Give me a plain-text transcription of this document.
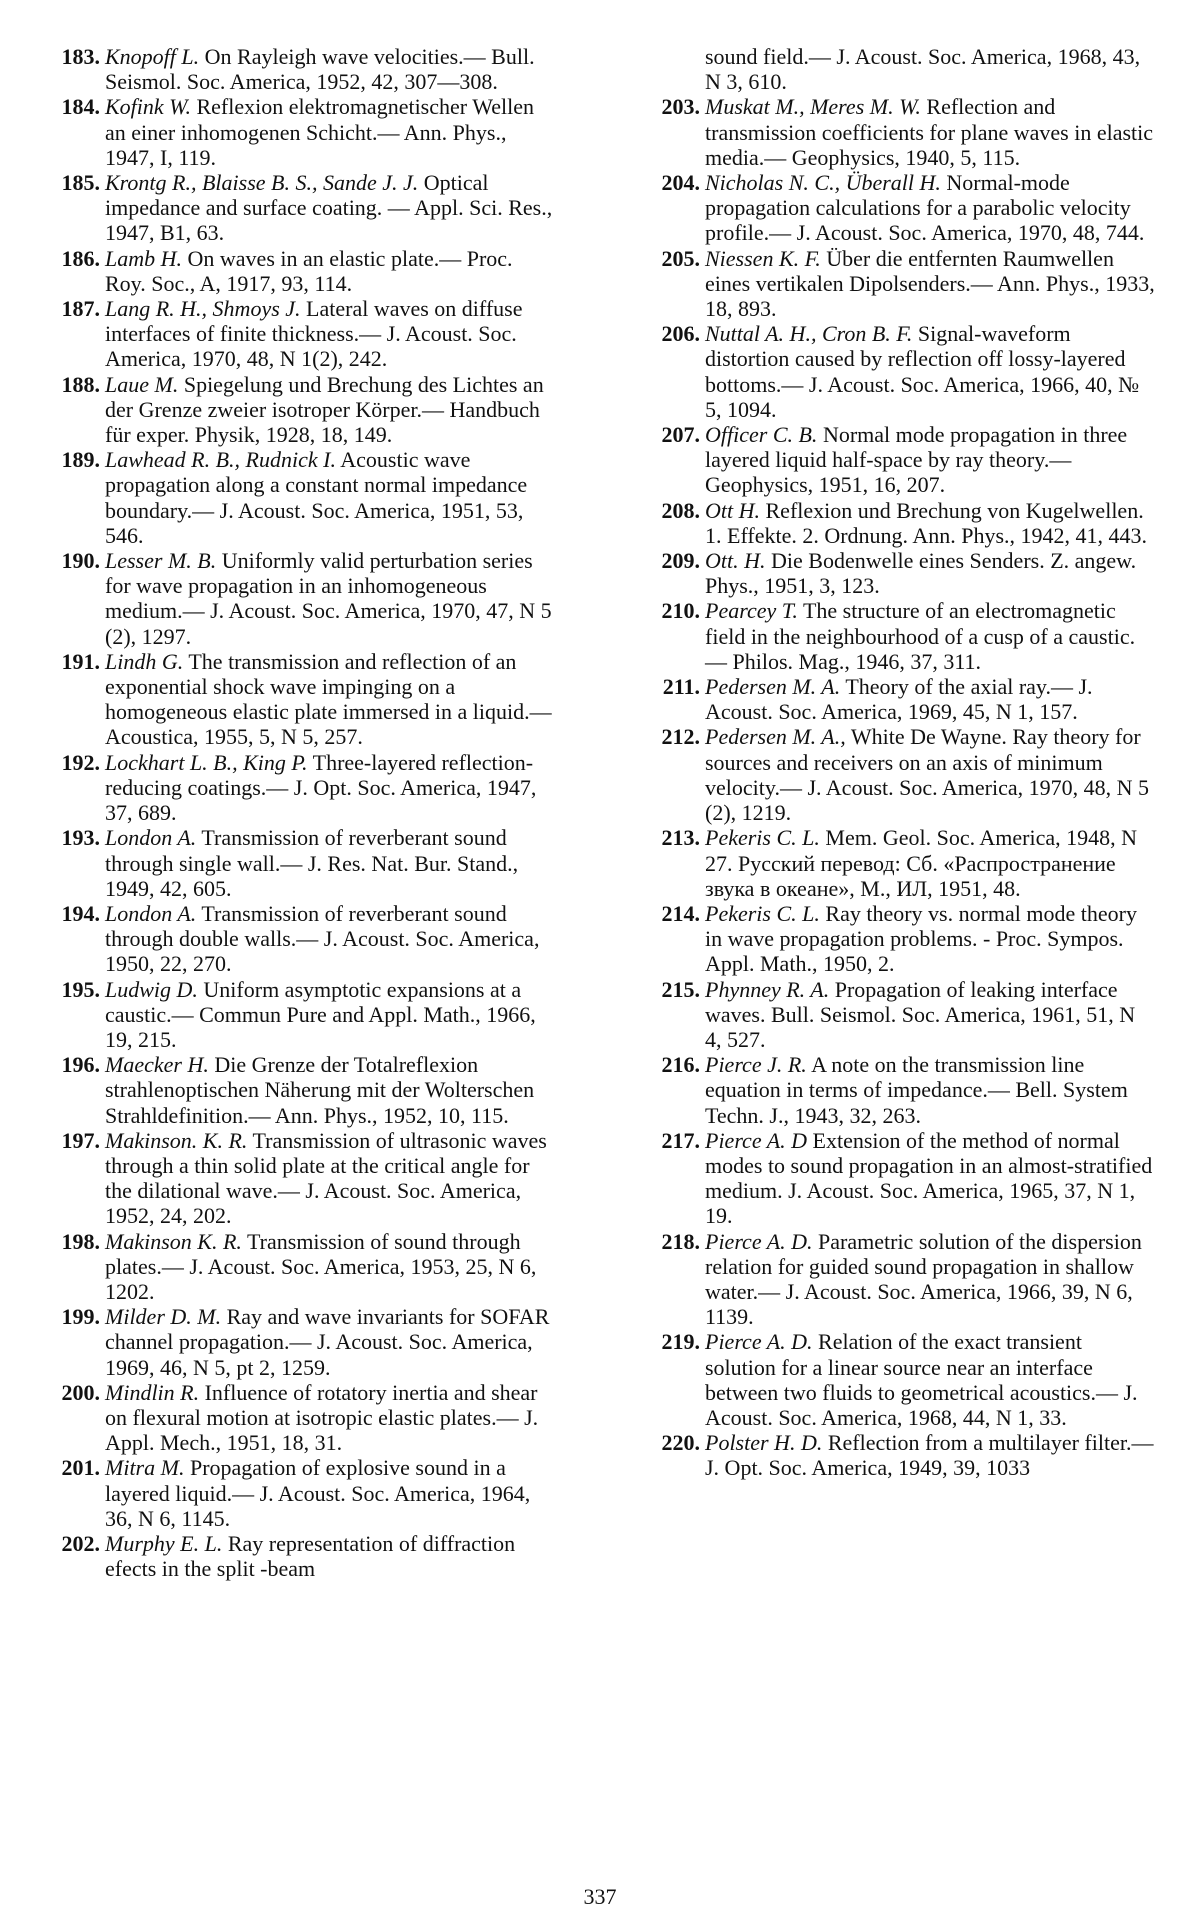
183. Knopoff L. On Rayleigh wave velocities.— Bull. Seismol. Soc. America, 1952, 42, 307—308.
184. Kofink W. Reflexion elektromagnetischer Wellen an einer inhomogenen Schicht.— Ann. Phys., 1947, I, 119.
185. Krontg R., Blaisse B. S., Sande J. J. Optical impedance and surface coating. — Appl. Sci. Res., 1947, B1, 63.
186. Lamb H. On waves in an elastic plate.— Proc. Roy. Soc., A, 1917, 93, 114.
187. Lang R. H., Shmoys J. Lateral waves on diffuse interfaces of finite thickness.— J. Acoust. Soc. America, 1970, 48, N 1(2), 242.
188. Laue M. Spiegelung und Brechung des Lichtes an der Grenze zweier isotroper Körper.— Handbuch für exper. Physik, 1928, 18, 149.
189. Lawhead R. B., Rudnick I. Acoustic wave propagation along a constant normal impedance boundary.— J. Acoust. Soc. America, 1951, 53, 546.
190. Lesser M. B. Uniformly valid perturbation series for wave propagation in an inhomogeneous medium.— J. Acoust. Soc. America, 1970, 47, N 5 (2), 1297.
191. Lindh G. The transmission and reflection of an exponential shock wave impinging on a homogeneous elastic plate immersed in a liquid.— Acoustica, 1955, 5, N 5, 257.
192. Lockhart L. B., King P. Three-layered reflection-reducing coatings.— J. Opt. Soc. America, 1947, 37, 689.
193. London A. Transmission of reverberant sound through single wall.— J. Res. Nat. Bur. Stand., 1949, 42, 605.
194. London A. Transmission of reverberant sound through double walls.— J. Acoust. Soc. America, 1950, 22, 270.
195. Ludwig D. Uniform asymptotic expansions at a caustic.— Commun Pure and Appl. Math., 1966, 19, 215.
196. Maecker H. Die Grenze der Totalreflexion strahlenoptischen Näherung mit der Wolterschen Strahldefinition.— Ann. Phys., 1952, 10, 115.
197. Makinson. K. R. Transmission of ultrasonic waves through a thin solid plate at the critical angle for the dilational wave.— J. Acoust. Soc. America, 1952, 24, 202.
198. Makinson K. R. Transmission of sound through plates.— J. Acoust. Soc. America, 1953, 25, N 6, 1202.
199. Milder D. M. Ray and wave invariants for SOFAR channel propagation.— J. Acoust. Soc. America, 1969, 46, N 5, pt 2, 1259.
200. Mindlin R. Influence of rotatory inertia and shear on flexural motion at isotropic elastic plates.— J. Appl. Mech., 1951, 18, 31.
201. Mitra M. Propagation of explosive sound in a layered liquid.— J. Acoust. Soc. America, 1964, 36, N 6, 1145.
202. Murphy E. L. Ray representation of diffraction efects in the split -beam

sound field.— J. Acoust. Soc. America, 1968, 43, N 3, 610.

203. Muskat M., Meres M. W. Reflection and transmission coefficients for plane waves in elastic media.— Geophysics, 1940, 5, 115.
204. Nicholas N. C., Überall H. Normal-mode propagation calculations for a parabolic velocity profile.— J. Acoust. Soc. America, 1970, 48, 744.
205. Niessen K. F. Über die entfernten Raumwellen eines vertikalen Dipolsenders.— Ann. Phys., 1933, 18, 893.
206. Nuttal A. H., Cron B. F. Signal-waveform distortion caused by reflection off lossy-layered bottoms.— J. Acoust. Soc. America, 1966, 40, № 5, 1094.
207. Officer C. B. Normal mode propagation in three layered liquid half-space by ray theory.— Geophysics, 1951, 16, 207.
208. Ott H. Reflexion und Brechung von Kugelwellen. 1. Effekte. 2. Ordnung. Ann. Phys., 1942, 41, 443.
209. Ott. H. Die Bodenwelle eines Senders. Z. angew. Phys., 1951, 3, 123.
210. Pearcey T. The structure of an electromagnetic field in the neighbourhood of a cusp of a caustic.— Philos. Mag., 1946, 37, 311.
211. Pedersen M. A. Theory of the axial ray.— J. Acoust. Soc. America, 1969, 45, N 1, 157.
212. Pedersen M. A., White De Wayne. Ray theory for sources and receivers on an axis of minimum velocity.— J. Acoust. Soc. America, 1970, 48, N 5 (2), 1219.
213. Pekeris C. L. Mem. Geol. Soc. America, 1948, N 27. Русский перевод: Сб. «Распространение звука в океане», М., ИЛ, 1951, 48.
214. Pekeris C. L. Ray theory vs. normal mode theory in wave propagation problems. - Proc. Sympos. Appl. Math., 1950, 2.
215. Phynney R. A. Propagation of leaking interface waves. Bull. Seismol. Soc. America, 1961, 51, N 4, 527.
216. Pierce J. R. A note on the transmission line equation in terms of impedance.— Bell. System Techn. J., 1943, 32, 263.
217. Pierce A. D Extension of the method of normal modes to sound propagation in an almost-stratified medium. J. Acoust. Soc. America, 1965, 37, N 1, 19.
218. Pierce A. D. Parametric solution of the dispersion relation for guided sound propagation in shallow water.— J. Acoust. Soc. America, 1966, 39, N 6, 1139.
219. Pierce A. D. Relation of the exact transient solution for a linear source near an interface between two fluids to geometrical acoustics.— J. Acoust. Soc. America, 1968, 44, N 1, 33.
220. Polster H. D. Reflection from a multilayer filter.— J. Opt. Soc. America, 1949, 39, 1033
337
